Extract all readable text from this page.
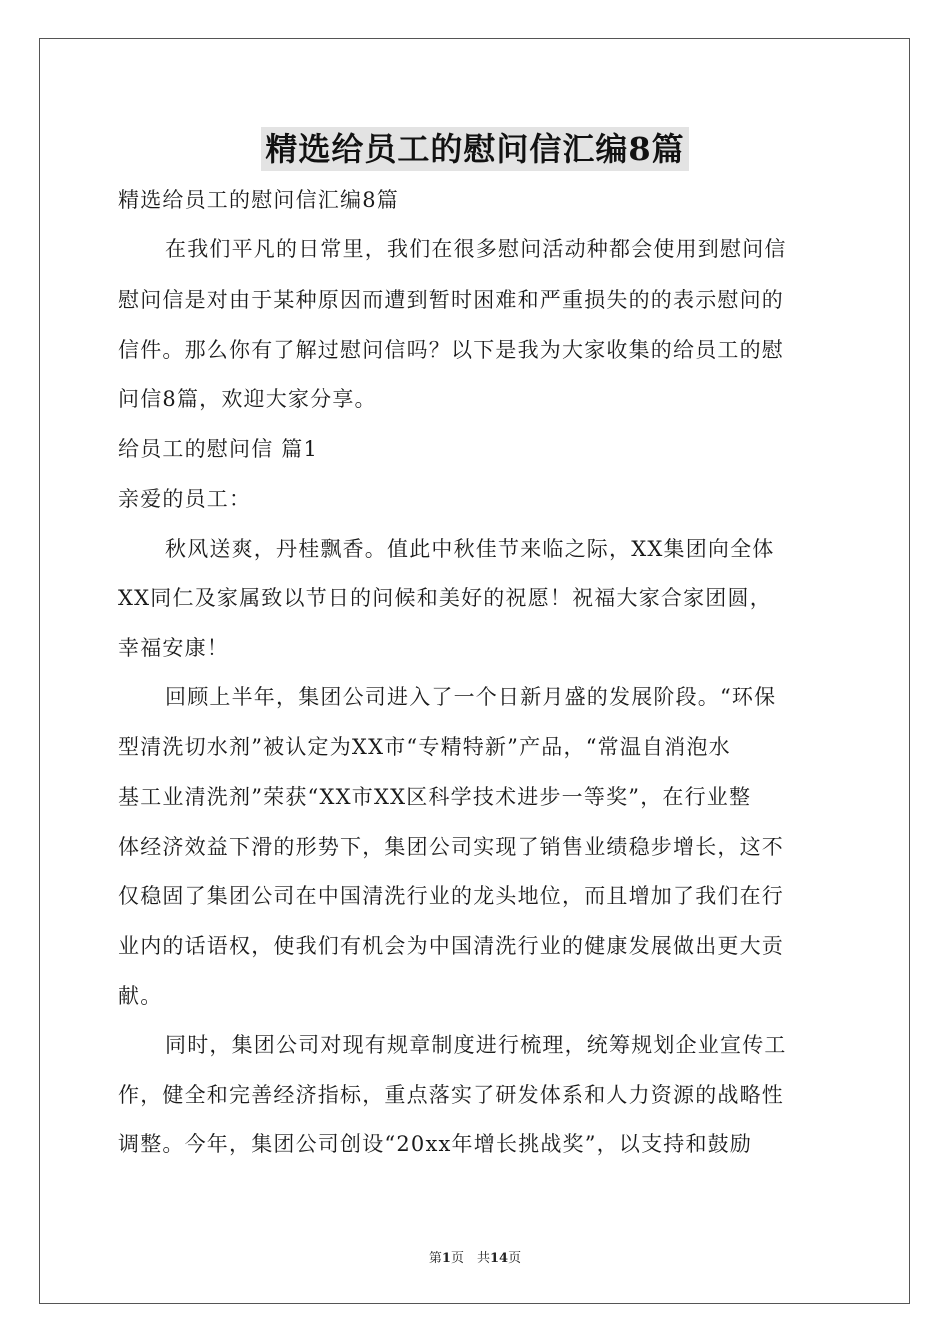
精选给员工的慰问信汇编8篇
精选给员工的慰问信汇编8篇
在我们平凡的日常里，我们在很多慰问活动种都会使用到慰问信
慰问信是对由于某种原因而遭到暂时困难和严重损失的的表示慰问的
信件。那么你有了解过慰问信吗？以下是我为大家收集的给员工的慰
问信8篇，欢迎大家分享。
给员工的慰问信 篇1
亲爱的员工：
秋风送爽，丹桂飘香。值此中秋佳节来临之际，XX集团向全体
XX同仁及家属致以节日的问候和美好的祝愿！祝福大家合家团圆，
幸福安康！
回顾上半年，集团公司进入了一个日新月盛的发展阶段。“环保
型清洗切水剂”被认定为XX市“专精特新”产品，“常温自消泡水
基工业清洗剂”荣获“XX市XX区科学技术进步一等奖”，在行业整
体经济效益下滑的形势下，集团公司实现了销售业绩稳步增长，这不
仅稳固了集团公司在中国清洗行业的龙头地位，而且增加了我们在行
业内的话语权，使我们有机会为中国清洗行业的健康发展做出更大贡
献。
同时，集团公司对现有规章制度进行梳理，统筹规划企业宣传工
作，健全和完善经济指标，重点落实了研发体系和人力资源的战略性
调整。今年，集团公司创设“20xx年增长挑战奖”，以支持和鼓励
第1页　共14页
